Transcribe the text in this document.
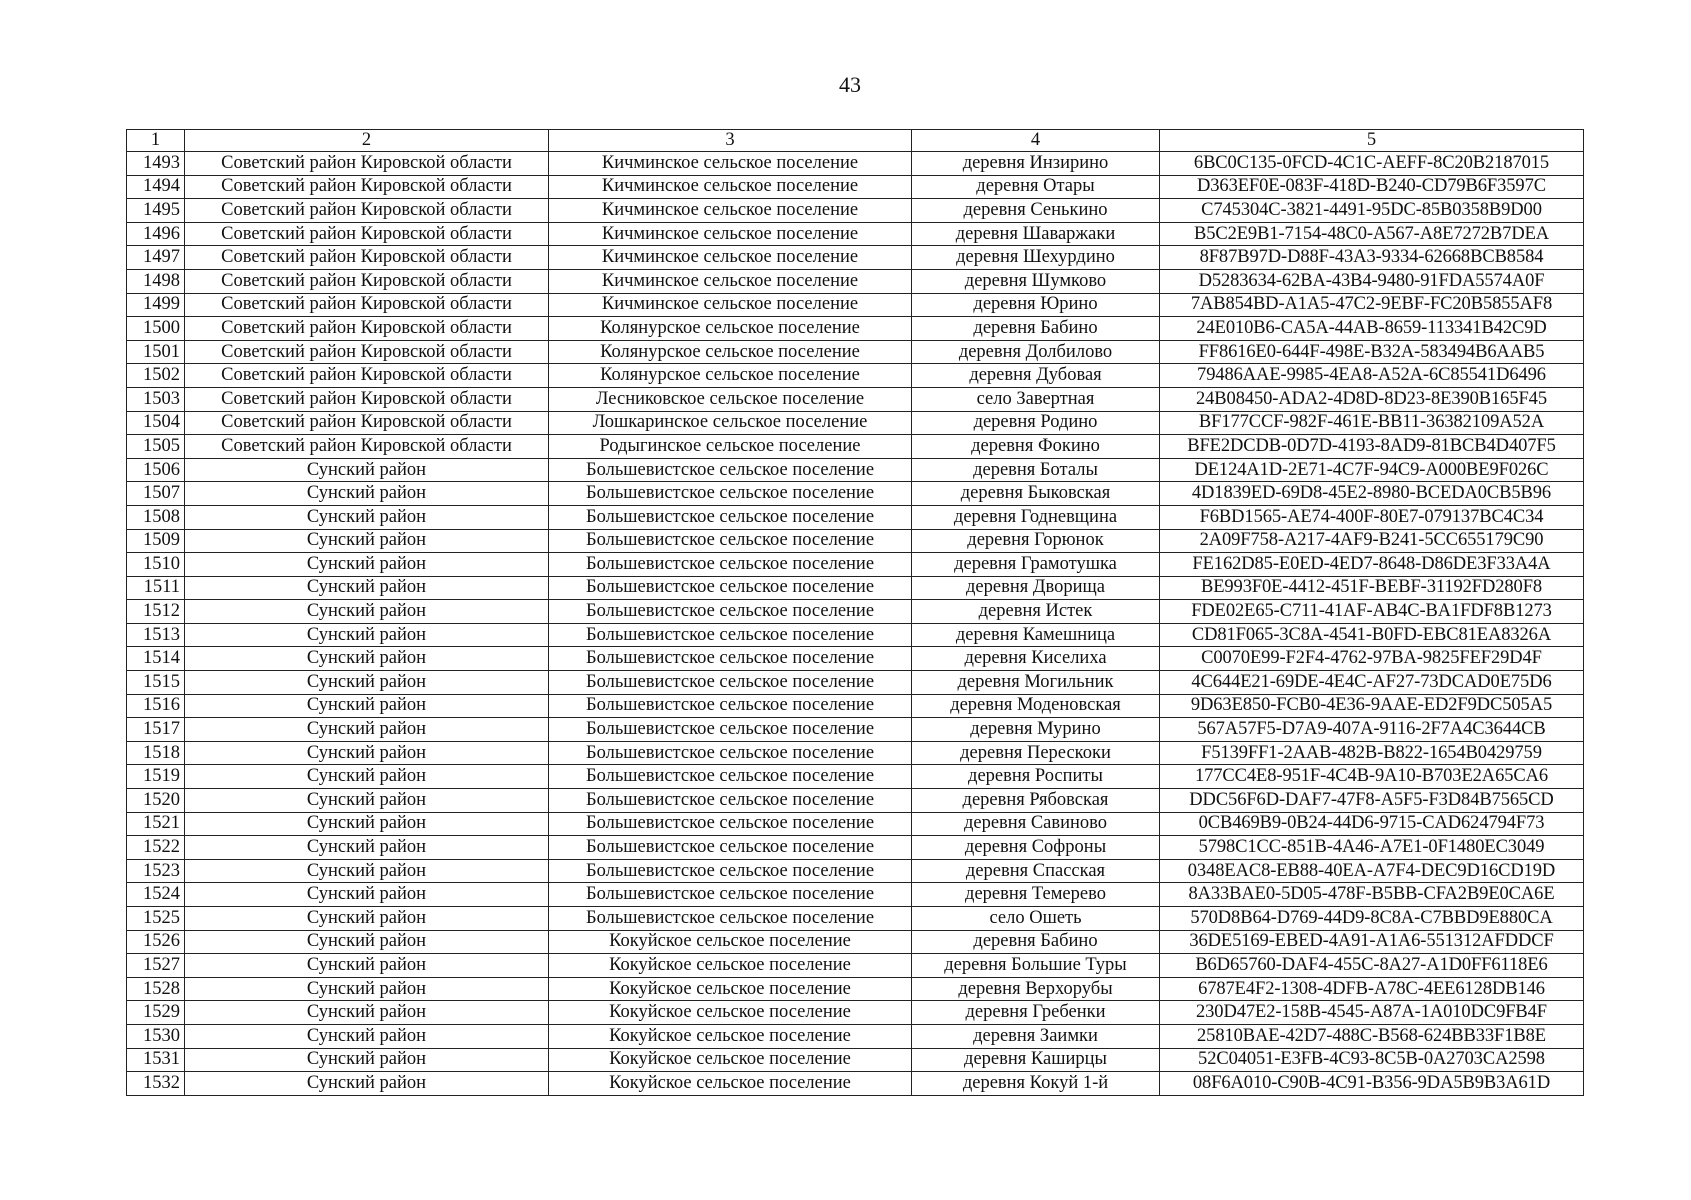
43
1	2	3	4	5
1493	Советский район Кировской области	Кичминское сельское поселение	деревня Инзирино	6BC0C135-0FCD-4C1C-AEFF-8C20B2187015
1494	Советский район Кировской области	Кичминское сельское поселение	деревня Отары	D363EF0E-083F-418D-B240-CD79B6F3597C
1495	Советский район Кировской области	Кичминское сельское поселение	деревня Сенькино	C745304C-3821-4491-95DC-85B0358B9D00
1496	Советский район Кировской области	Кичминское сельское поселение	деревня Шаваржаки	B5C2E9B1-7154-48C0-A567-A8E7272B7DEA
1497	Советский район Кировской области	Кичминское сельское поселение	деревня Шехурдино	8F87B97D-D88F-43A3-9334-62668BCB8584
1498	Советский район Кировской области	Кичминское сельское поселение	деревня Шумково	D5283634-62BA-43B4-9480-91FDA5574A0F
1499	Советский район Кировской области	Кичминское сельское поселение	деревня Юрино	7AB854BD-A1A5-47C2-9EBF-FC20B5855AF8
1500	Советский район Кировской области	Колянурское сельское поселение	деревня Бабино	24E010B6-CA5A-44AB-8659-113341B42C9D
1501	Советский район Кировской области	Колянурское сельское поселение	деревня Долбилово	FF8616E0-644F-498E-B32A-583494B6AAB5
1502	Советский район Кировской области	Колянурское сельское поселение	деревня Дубовая	79486AAE-9985-4EA8-A52A-6C85541D6496
1503	Советский район Кировской области	Лесниковское сельское поселение	село Завертная	24B08450-ADA2-4D8D-8D23-8E390B165F45
1504	Советский район Кировской области	Лошкаринское сельское поселение	деревня Родино	BF177CCF-982F-461E-BB11-36382109A52A
1505	Советский район Кировской области	Родыгинское сельское поселение	деревня Фокино	BFE2DCDB-0D7D-4193-8AD9-81BCB4D407F5
1506	Сунский район	Большевистское сельское поселение	деревня Боталы	DE124A1D-2E71-4C7F-94C9-A000BE9F026C
1507	Сунский район	Большевистское сельское поселение	деревня Быковская	4D1839ED-69D8-45E2-8980-BCEDA0CB5B96
1508	Сунский район	Большевистское сельское поселение	деревня Годневщина	F6BD1565-AE74-400F-80E7-079137BC4C34
1509	Сунский район	Большевистское сельское поселение	деревня Горюнок	2A09F758-A217-4AF9-B241-5CC655179C90
1510	Сунский район	Большевистское сельское поселение	деревня Грамотушка	FE162D85-E0ED-4ED7-8648-D86DE3F33A4A
1511	Сунский район	Большевистское сельское поселение	деревня Дворища	BE993F0E-4412-451F-BEBF-31192FD280F8
1512	Сунский район	Большевистское сельское поселение	деревня Истек	FDE02E65-C711-41AF-AB4C-BA1FDF8B1273
1513	Сунский район	Большевистское сельское поселение	деревня Камешница	CD81F065-3C8A-4541-B0FD-EBC81EA8326A
1514	Сунский район	Большевистское сельское поселение	деревня Киселиха	C0070E99-F2F4-4762-97BA-9825FEF29D4F
1515	Сунский район	Большевистское сельское поселение	деревня Могильник	4C644E21-69DE-4E4C-AF27-73DCAD0E75D6
1516	Сунский район	Большевистское сельское поселение	деревня Моденовская	9D63E850-FCB0-4E36-9AAE-ED2F9DC505A5
1517	Сунский район	Большевистское сельское поселение	деревня Мурино	567A57F5-D7A9-407A-9116-2F7A4C3644CB
1518	Сунский район	Большевистское сельское поселение	деревня Перескоки	F5139FF1-2AAB-482B-B822-1654B0429759
1519	Сунский район	Большевистское сельское поселение	деревня Роспиты	177CC4E8-951F-4C4B-9A10-B703E2A65CA6
1520	Сунский район	Большевистское сельское поселение	деревня Рябовская	DDC56F6D-DAF7-47F8-A5F5-F3D84B7565CD
1521	Сунский район	Большевистское сельское поселение	деревня Савиново	0CB469B9-0B24-44D6-9715-CAD624794F73
1522	Сунский район	Большевистское сельское поселение	деревня Софроны	5798C1CC-851B-4A46-A7E1-0F1480EC3049
1523	Сунский район	Большевистское сельское поселение	деревня Спасская	0348EAC8-EB88-40EA-A7F4-DEC9D16CD19D
1524	Сунский район	Большевистское сельское поселение	деревня Темерево	8A33BAE0-5D05-478F-B5BB-CFA2B9E0CA6E
1525	Сунский район	Большевистское сельское поселение	село Ошеть	570D8B64-D769-44D9-8C8A-C7BBD9E880CA
1526	Сунский район	Кокуйское сельское поселение	деревня Бабино	36DE5169-EBED-4A91-A1A6-551312AFDDCF
1527	Сунский район	Кокуйское сельское поселение	деревня Большие Туры	B6D65760-DAF4-455C-8A27-A1D0FF6118E6
1528	Сунский район	Кокуйское сельское поселение	деревня Верхорубы	6787E4F2-1308-4DFB-A78C-4EE6128DB146
1529	Сунский район	Кокуйское сельское поселение	деревня Гребенки	230D47E2-158B-4545-A87A-1A010DC9FB4F
1530	Сунский район	Кокуйское сельское поселение	деревня Заимки	25810BAE-42D7-488C-B568-624BB33F1B8E
1531	Сунский район	Кокуйское сельское поселение	деревня Каширцы	52C04051-E3FB-4C93-8C5B-0A2703CA2598
1532	Сунский район	Кокуйское сельское поселение	деревня Кокуй 1-й	08F6A010-C90B-4C91-B356-9DA5B9B3A61D
